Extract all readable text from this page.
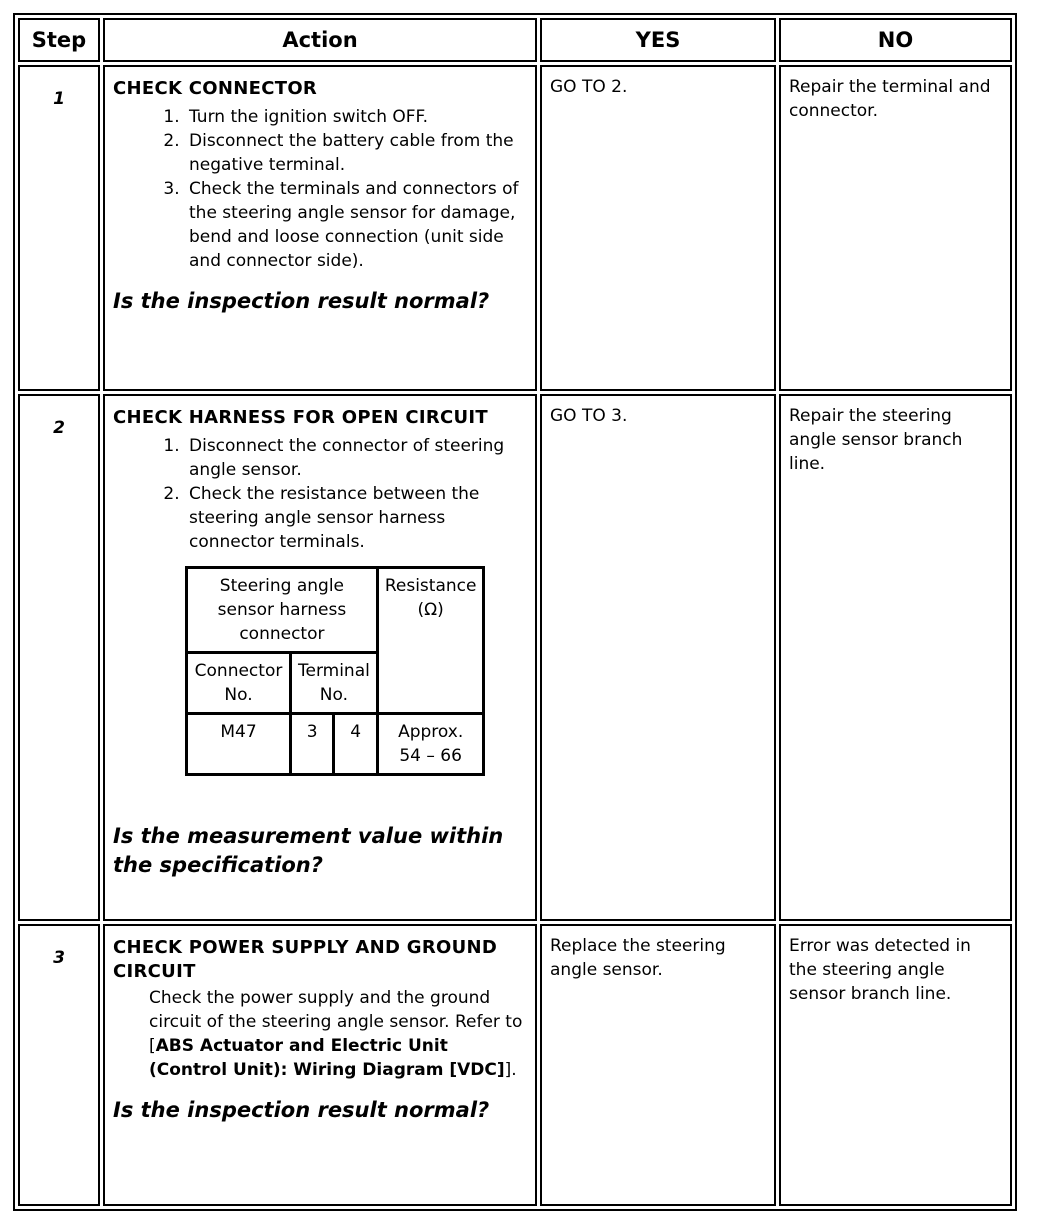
Step	Action	YES	NO
1	CHECK CONNECTOR
1. Turn the ignition switch OFF.
2. Disconnect the battery cable from the negative terminal.
3. Check the terminals and connectors of the steering angle sensor for damage, bend and loose connection (unit side and connector side).
Is the inspection result normal?
	GO TO 2.	Repair the terminal and connector.
2	CHECK HARNESS FOR OPEN CIRCUIT
1. Disconnect the connector of steering angle sensor.
2. Check the resistance between the steering angle sensor harness connector terminals.
Steering angle sensor harness connector	Resistance (Ω)
Connector No.	Terminal No.
M47	3	4	Approx. 54 – 66
Is the measurement value within the specification?
	GO TO 3.	Repair the steering angle sensor branch line.
3	CHECK POWER SUPPLY AND GROUND CIRCUIT
Check the power supply and the ground circuit of the steering angle sensor. Refer to [ABS Actuator and Electric Unit (Control Unit): Wiring Diagram [VDC]].
Is the inspection result normal?
	Replace the steering angle sensor.	Error was detected in the steering angle sensor branch line.
